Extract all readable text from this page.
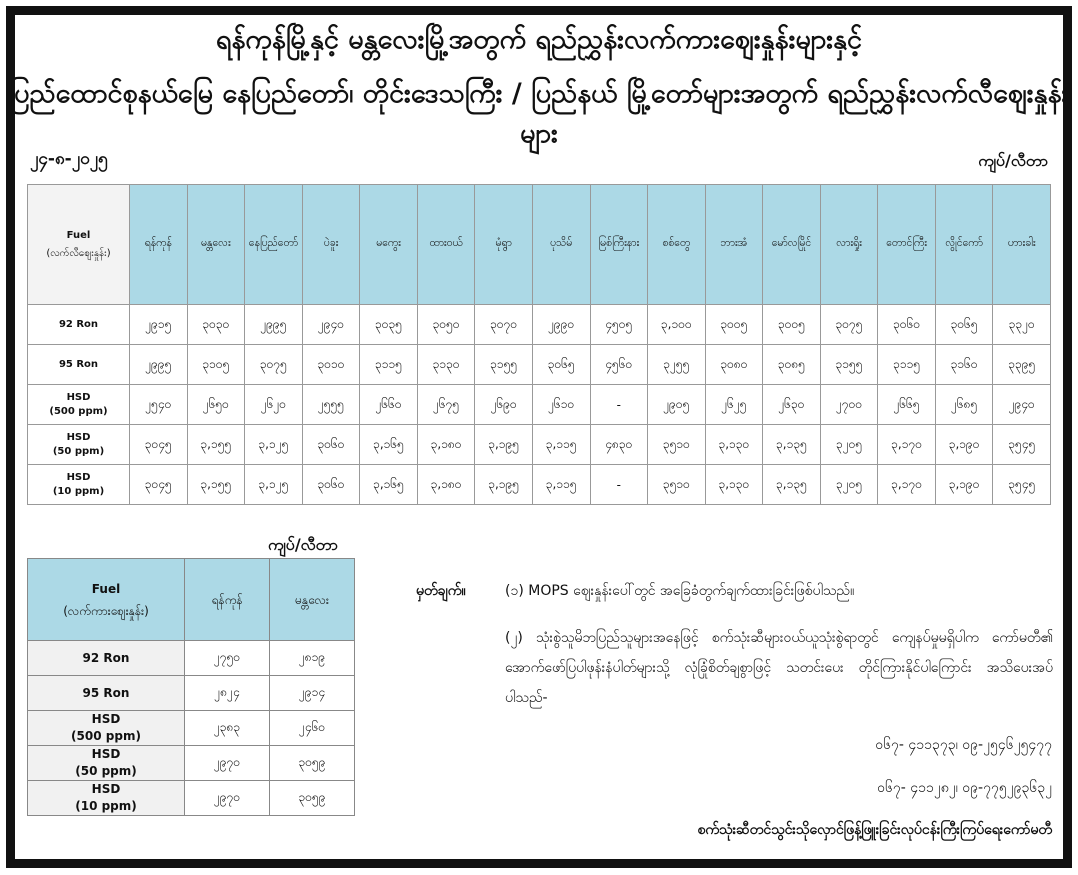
ရန်ကုန်မြို့နှင့် မန္တလေးမြို့အတွက် ရည်ညွှန်းလက်ကားဈေးနှုန်းများနှင့်
ပြည်ထောင်စုနယ်မြေ နေပြည်တော်၊ တိုင်းဒေသကြီး / ပြည်နယ် မြို့တော်များအတွက် ရည်ညွှန်းလက်လီဈေးနှုန်းများ
၂၄-၈-၂၀၂၅	ကျပ်/လီတာ
Fuel
(လက်လီဈေးနှုန်း)	ရန်ကုန်	မန္တလေး	နေပြည်တော်	ပဲခူး	မကွေး	ထားဝယ်	မုံရွာ	ပုသိမ်	မြစ်ကြီးနား	စစ်တွေ	ဘားအံ	မော်လမြိုင်	လားရှိုး	တောင်ကြီး	လွိုင်ကော်	ဟားခါး

92 Ron	၂၉၁၅	၃၀၃၀	၂၉၉၅	၂၉၄၀	၃၀၃၅	၃၀၅၀	၃၀၇၀	၂၉၉၀	၄၅၀၅	၃,၁၀၀	၃၀၀၅	၃၀၀၅	၃၀၇၅	၃၀၆၀	၃၀၆၅	၃၃၂၀

95 Ron	၂၉၉၅	၃၁၀၅	၃၀၇၅	၃၀၁၀	၃၁၁၅	၃၁၃၀	၃၁၅၅	၃၀၆၅	၄၅၆၀	၃၂၅၅	၃၀၈၀	၃၀၈၅	၃၁၅၅	၃၁၁၅	၃၁၆၀	၃၃၉၅

HSD
(500 ppm)	၂၅၄၀	၂၆၅၀	၂၆၂၀	၂၅၅၅	၂၆၆၀	၂၆၇၅	၂၆၉၀	၂၆၁၀	-	၂၉၀၅	၂၆၂၅	၂၆၃၀	၂၇၀၀	၂၆၆၅	၂၆၈၅	၂၉၄၀

HSD
(50 ppm)	၃၀၄၅	၃,၁၅၅	၃,၁၂၅	၃၀၆၀	၃,၁၆၅	၃,၁၈၀	၃,၁၉၅	၃,၁၁၅	၄၈၃၀	၃၅၁၀	၃,၁၃၀	၃,၁၃၅	၃၂၀၅	၃,၁၇၀	၃,၁၉၀	၃၅၄၅

HSD
(10 ppm)	၃၀၄၅	၃,၁၅၅	၃,၁၂၅	၃၀၆၀	၃,၁၆၅	၃,၁၈၀	၃,၁၉၅	၃,၁၁၅	-	၃၅၁၀	၃,၁၃၀	၃,၁၃၅	၃၂၀၅	၃,၁၇၀	၃,၁၉၀	၃၅၄၅
ကျပ်/လီတာ
Fuel
(လက်ကားဈေးနှုန်း)	ရန်ကုန်	မန္တလေး

92 Ron	၂၇၅၀	၂၈၁၉

95 Ron	၂၈၂၄	၂၉၁၄

HSD
(500 ppm)	၂၃၈၃	၂၄၆၀

HSD
(50 ppm)	၂၉၇၀	၃၀၅၉

HSD
(10 ppm)	၂၉၇၀	၃၀၅၉
မှတ်ချက်။	(၁) MOPS ဈေးနှုန်းပေါ်တွင် အခြေခံတွက်ချက်ထားခြင်းဖြစ်ပါသည်။
(၂) သုံးစွဲသူမိဘပြည်သူများအနေဖြင့် စက်သုံးဆီများဝယ်ယူသုံးစွဲရာတွင် ကျေနပ်မှုမရှိပါက ကော်မတီ၏ အောက်ဖော်ပြပါဖုန်းနံပါတ်များသို့ လုံခြုံစိတ်ချစွာဖြင့် သတင်းပေး တိုင်ကြားနိုင်ပါကြောင်း အသိပေးအပ်ပါသည်-
၀၆၇- ၄၁၁၃၇၃၊ ၀၉-၂၅၄၆၂၅၄၇၇
၀၆၇- ၄၁၁၂၈၂၊ ၀၉-၇၇၅၂၉၃၆၃၂
စက်သုံးဆီတင်သွင်းသိုလှောင်ဖြန့်ဖြူးခြင်းလုပ်ငန်းကြီးကြပ်ရေးကော်မတီ
